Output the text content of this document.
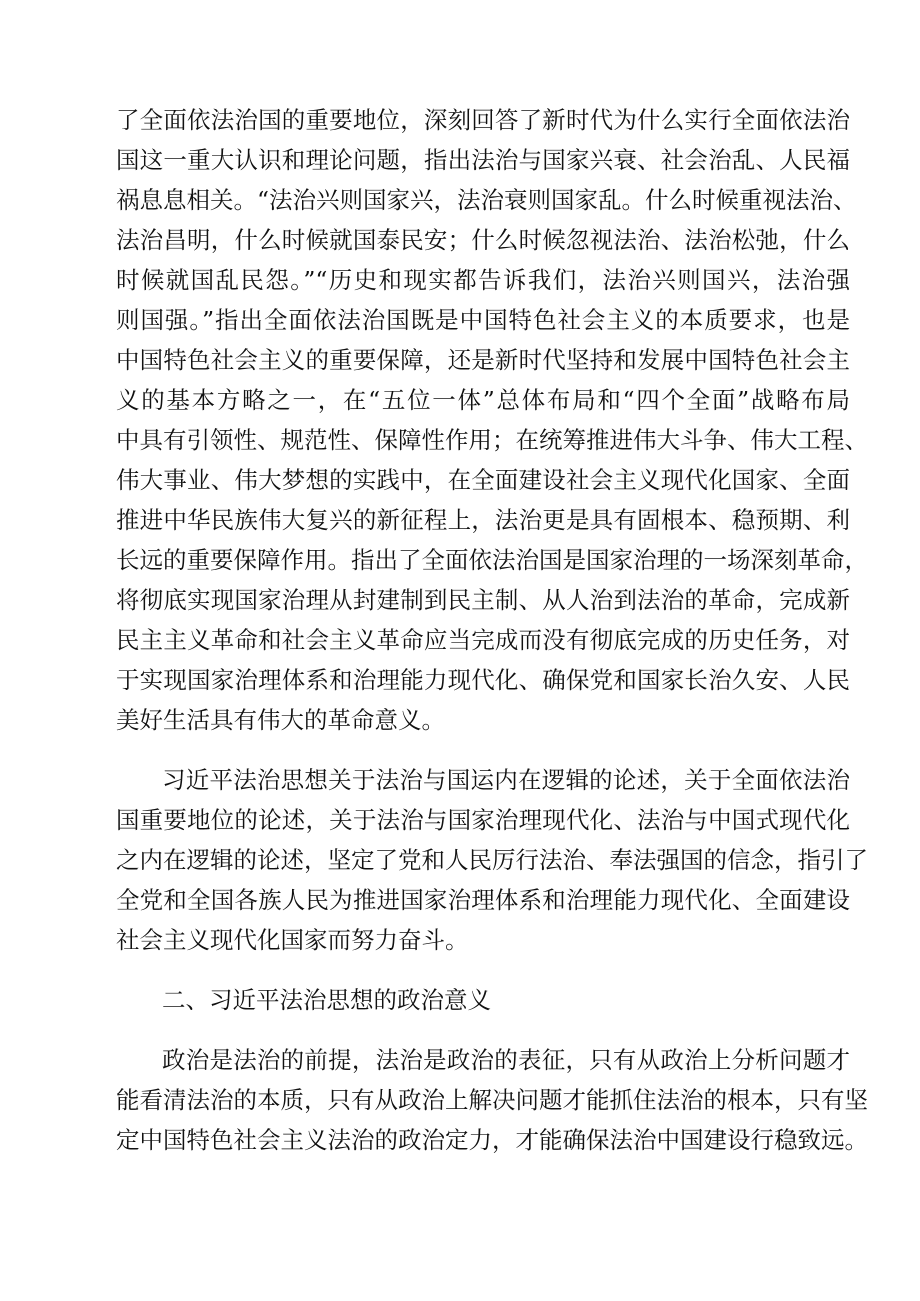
了全面依法治国的重要地位，深刻回答了新时代为什么实行全面依法治
国这一重大认识和理论问题，指出法治与国家兴衰、社会治乱、人民福
祸息息相关。“法治兴则国家兴，法治衰则国家乱。什么时候重视法治、
法治昌明，什么时候就国泰民安；什么时候忽视法治、法治松弛，什么
时候就国乱民怨。”“历史和现实都告诉我们，法治兴则国兴，法治强
则国强。”指出全面依法治国既是中国特色社会主义的本质要求，也是
中国特色社会主义的重要保障，还是新时代坚持和发展中国特色社会主
义的基本方略之一，在“五位一体”总体布局和“四个全面”战略布局
中具有引领性、规范性、保障性作用；在统筹推进伟大斗争、伟大工程、
伟大事业、伟大梦想的实践中，在全面建设社会主义现代化国家、全面
推进中华民族伟大复兴的新征程上，法治更是具有固根本、稳预期、利
长远的重要保障作用。指出了全面依法治国是国家治理的一场深刻革命，
将彻底实现国家治理从封建制到民主制、从人治到法治的革命，完成新
民主主义革命和社会主义革命应当完成而没有彻底完成的历史任务，对
于实现国家治理体系和治理能力现代化、确保党和国家长治久安、人民
美好生活具有伟大的革命意义。
习近平法治思想关于法治与国运内在逻辑的论述，关于全面依法治
国重要地位的论述，关于法治与国家治理现代化、法治与中国式现代化
之内在逻辑的论述，坚定了党和人民厉行法治、奉法强国的信念，指引了
全党和全国各族人民为推进国家治理体系和治理能力现代化、全面建设
社会主义现代化国家而努力奋斗。
二、习近平法治思想的政治意义
政治是法治的前提，法治是政治的表征，只有从政治上分析问题才
能看清法治的本质，只有从政治上解决问题才能抓住法治的根本，只有坚
定中国特色社会主义法治的政治定力，才能确保法治中国建设行稳致远。
